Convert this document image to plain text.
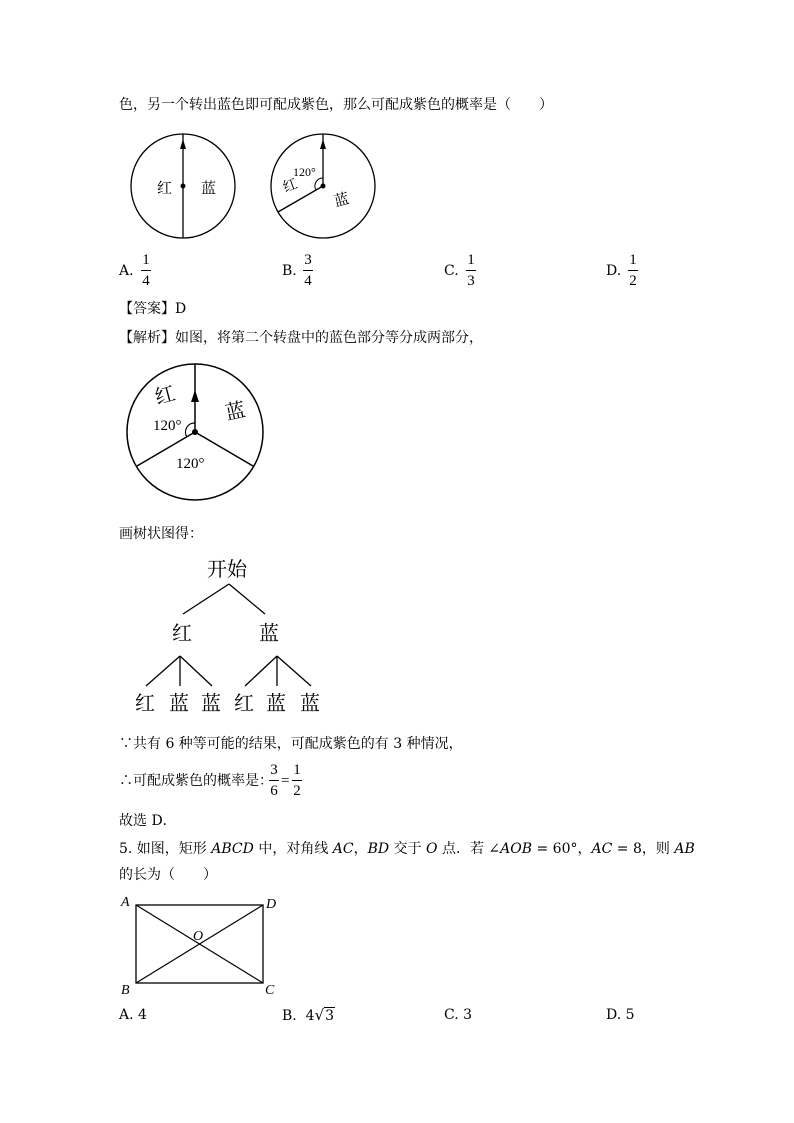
色，另一个转出蓝色即可配成紫色，那么可配成紫色的概率是（　　）
红 蓝
120°
红
蓝
红
蓝
120°
120°
开始
红	蓝
红 蓝 蓝 红 蓝 蓝
A	D
O
B	C
A.
1
4
B.
3
4
C.
1
3
D.
1
2
【答案】D
【解析】如图，将第二个转盘中的蓝色部分等分成两部分，
画树状图得：
∵共有 6 种等可能的结果，可配成紫色的有 3 种情况，
∴可配成紫色的概率是：
3
6
=
1
2
故选 D．
5. 如图，矩形 ABCD 中，对角线 AC，BD 交于 O 点．若 ∠AOB = 60°，AC = 8，则 AB
的长为（　　）
A. 4	B. 4√3	C. 3	D. 5
